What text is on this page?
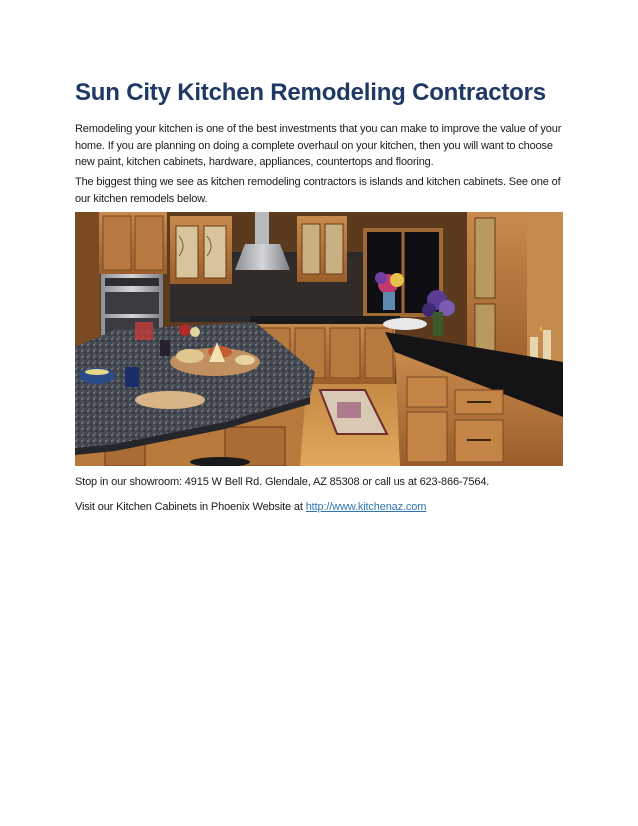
Sun City Kitchen Remodeling Contractors

Remodeling your kitchen is one of the best investments that you can make to improve the value of your home. If you are planning on doing a complete overhaul on your kitchen, then you will want to choose new paint, kitchen cabinets, hardware, appliances, countertops and flooring.

The biggest thing we see as kitchen remodeling contractors is islands and kitchen cabinets. See one of our kitchen remodels below.

Stop in our showroom: 4915 W Bell Rd. Glendale, AZ 85308 or call us at 623-866-7564.

Visit our Kitchen Cabinets in Phoenix Website at http://www.kitchenaz.com
